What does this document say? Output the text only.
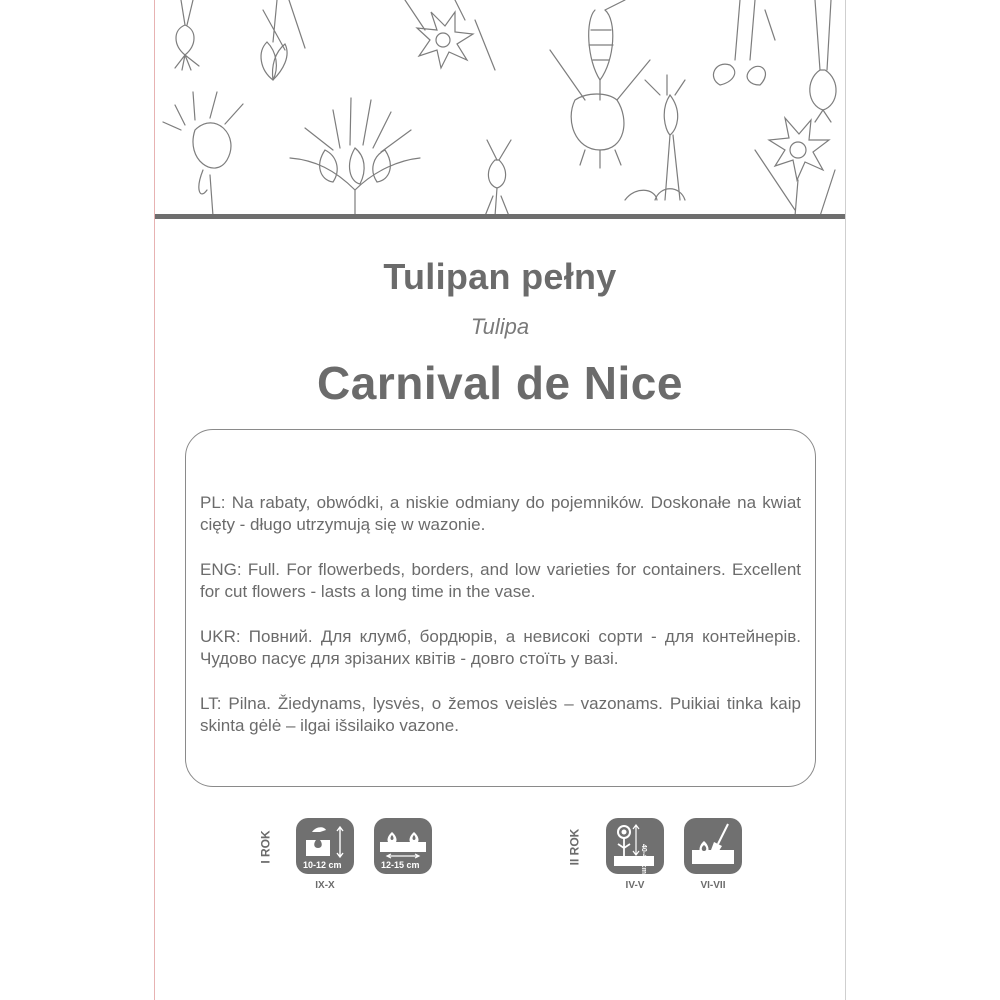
Tulipan pełny
Tulipa
Carnival de Nice

PL: Na rabaty, obwódki, a niskie odmiany do pojemników. Doskonałe na kwiat cięty - długo utrzymują się w wazonie.

ENG: Full. For flowerbeds, borders, and low varieties for containers. Excellent for cut flowers - lasts a long time in the vase.

UKR: Повний. Для клумб, бордюрів, а невисокі сорти - для контейнерів. Чудово пасує для зрізаних квітів - довго стоїть у вазі.

LT: Pilna. Žiedynams, lysvės, o žemos veislės – vazonams. Puikiai tinka kaip skinta gėlė – ilgai išsilaiko vazone.

I ROK
10-12 cm
IX-X
12-15 cm	II ROK	40-45 cm
IV-V	VI-VII
